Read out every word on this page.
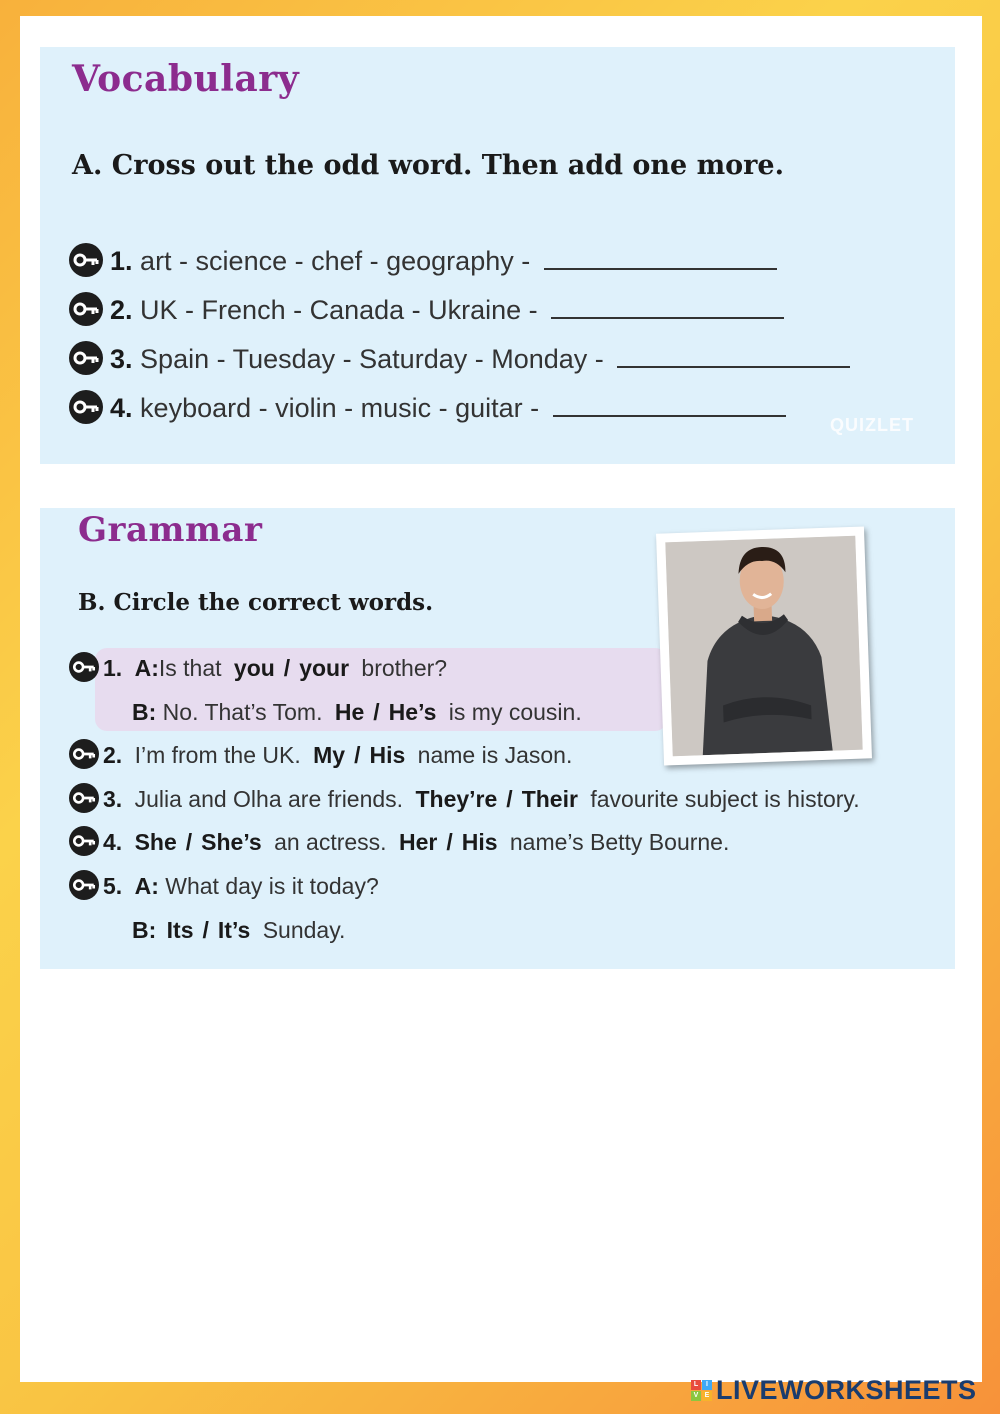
Vocabulary
A. Cross out the odd word. Then add one more.
1. art - science - chef - geography -
2. UK - French - Canada - Ukraine -
3. Spain - Tuesday - Saturday - Monday -
4. keyboard - violin - music - guitar -
QUIZLET
Grammar
B. Circle the correct words.
1. A:Is that you / your brother?
B: No. That’s Tom. He / He’s is my cousin.
2. I’m from the UK. My / His name is Jason.
3. Julia and Olha are friends. They’re / Their favourite subject is history.
4. She / She’s an actress. Her / His name’s Betty Bourne.
5. A: What day is it today?
B: Its / It’s Sunday.
L	I
V E LIVEWORKSHEETS
